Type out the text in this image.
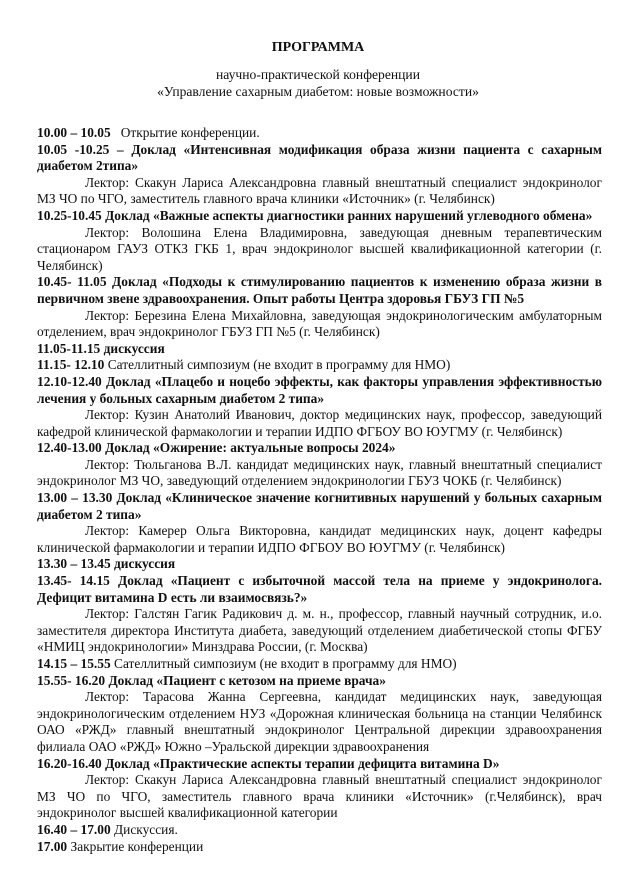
ПРОГРАММА
научно-практической конференции
«Управление сахарным диабетом: новые возможности»
10.00 – 10.05 Открытие конференции.
10.05 -10.25 – Доклад «Интенсивная модификация образа жизни пациента с сахарным диабетом 2типа»
Лектор: Скакун Лариса Александровна главный внештатный специалист эндокринолог МЗ ЧО по ЧГО, заместитель главного врача клиники «Источник» (г. Челябинск)
10.25-10.45 Доклад «Важные аспекты диагностики ранних нарушений углеводного обмена»
Лектор: Волошина Елена Владимировна, заведующая дневным терапевтическим стационаром ГАУЗ ОТКЗ ГКБ 1, врач эндокринолог высшей квалификационной категории (г. Челябинск)
10.45- 11.05 Доклад «Подходы к стимулированию пациентов к изменению образа жизни в первичном звене здравоохранения. Опыт работы Центра здоровья ГБУЗ ГП №5
Лектор: Березина Елена Михайловна, заведующая эндокринологическим амбулаторным отделением, врач эндокринолог ГБУЗ ГП №5 (г. Челябинск)
11.05-11.15 дискуссия
11.15- 12.10 Сателлитный симпозиум (не входит в программу для НМО)
12.10-12.40 Доклад «Плацебо и ноцебо эффекты, как факторы управления эффективностью лечения у больных сахарным диабетом 2 типа»
Лектор: Кузин Анатолий Иванович, доктор медицинских наук, профессор, заведующий кафедрой клинической фармакологии и терапии ИДПО ФГБОУ ВО ЮУГМУ (г. Челябинск)
12.40-13.00 Доклад «Ожирение: актуальные вопросы 2024»
Лектор: Тюльганова В.Л. кандидат медицинских наук, главный внештатный специалист эндокринолог МЗ ЧО, заведующий отделением эндокринологии ГБУЗ ЧОКБ (г. Челябинск)
13.00 – 13.30 Доклад «Клиническое значение когнитивных нарушений у больных сахарным диабетом 2 типа»
Лектор: Камерер Ольга Викторовна, кандидат медицинских наук, доцент кафедры клинической фармакологии и терапии ИДПО ФГБОУ ВО ЮУГМУ (г. Челябинск)
13.30 – 13.45 дискуссия
13.45- 14.15 Доклад «Пациент с избыточной массой тела на приеме у эндокринолога. Дефицит витамина D есть ли взаимосвязь?»
Лектор: Галстян Гагик Радикович д. м. н., профессор, главный научный сотрудник, и.о. заместителя директора Института диабета, заведующий отделением диабетической стопы ФГБУ «НМИЦ эндокринологии» Минздрава России, (г. Москва)
14.15 – 15.55 Сателлитный симпозиум (не входит в программу для НМО)
15.55- 16.20 Доклад «Пациент с кетозом на приеме врача»
Лектор: Тарасова Жанна Сергеевна, кандидат медицинских наук, заведующая эндокринологическим отделением НУЗ «Дорожная клиническая больница на станции Челябинск ОАО «РЖД» главный внештатный эндокринолог Центральной дирекции здравоохранения филиала ОАО «РЖД» Южно –Уральской дирекции здравоохранения
16.20-16.40 Доклад «Практические аспекты терапии дефицита витамина D»
Лектор: Скакун Лариса Александровна главный внештатный специалист эндокринолог МЗ ЧО по ЧГО, заместитель главного врача клиники «Источник» (г.Челябинск), врач эндокринолог высшей квалификационной категории
16.40 – 17.00 Дискуссия.
17.00 Закрытие конференции
